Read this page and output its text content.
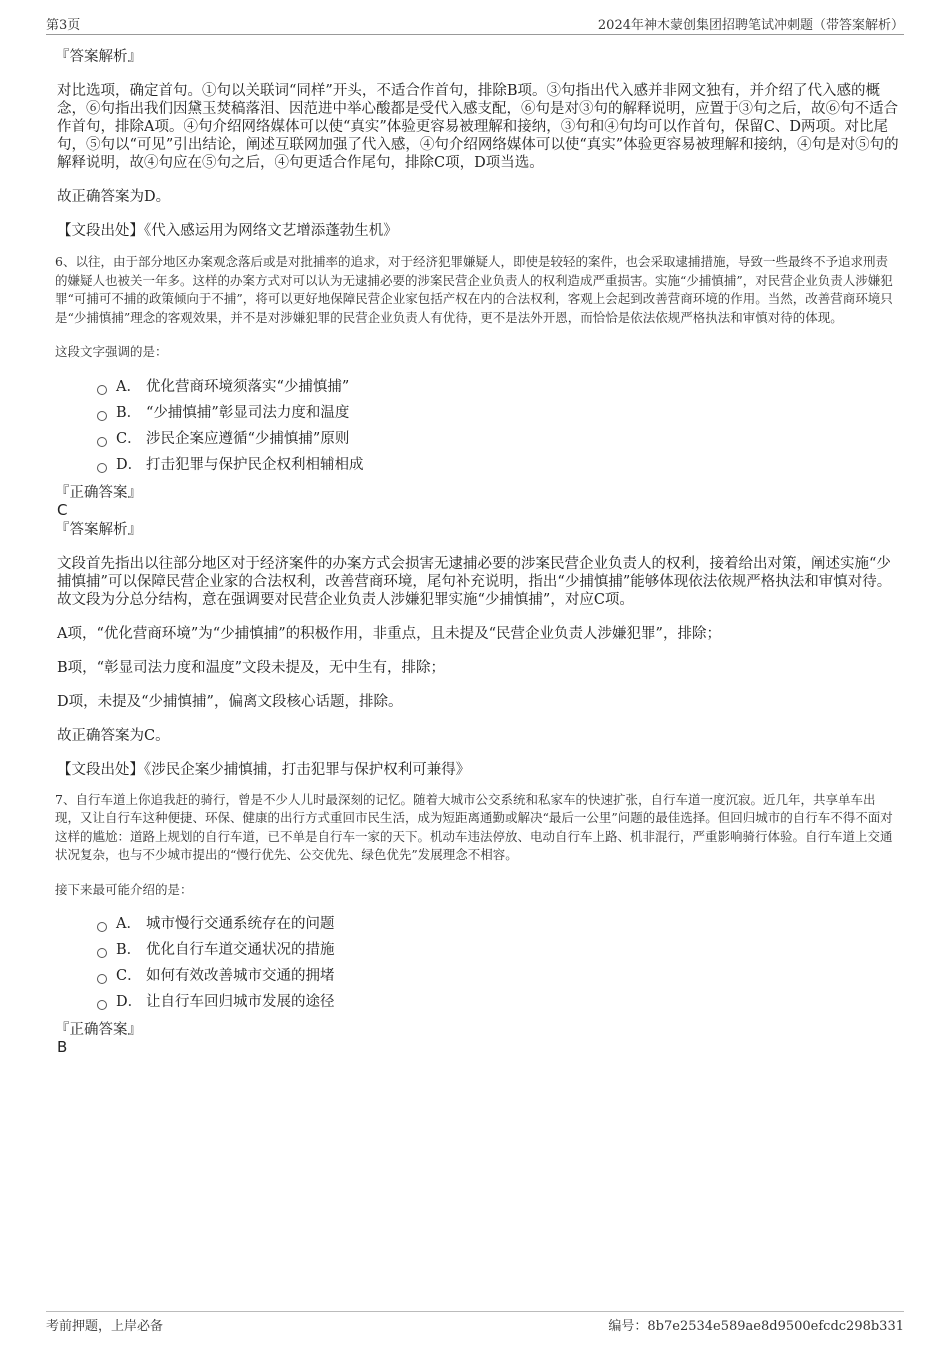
第3页	2024年神木蒙创集团招聘笔试冲刺题（带答案解析）
『答案解析』
对比选项，确定首句。①句以关联词“同样”开头，不适合作首句，排除B项。③句指出代入感并非网文独有，并介绍了代入感的概念，⑥句指出我们因黛玉焚稿落泪、因范进中举心酸都是受代入感支配，⑥句是对③句的解释说明，应置于③句之后，故⑥句不适合作首句，排除A项。④句介绍网络媒体可以使“真实”体验更容易被理解和接纳，③句和④句均可以作首句，保留C、D两项。对比尾句，⑤句以“可见”引出结论，阐述互联网加强了代入感，④句介绍网络媒体可以使“真实”体验更容易被理解和接纳，④句是对⑤句的解释说明，故④句应在⑤句之后，④句更适合作尾句，排除C项，D项当选。
故正确答案为D。
【文段出处】《代入感运用为网络文艺增添蓬勃生机》
6、以往，由于部分地区办案观念落后或是对批捕率的追求，对于经济犯罪嫌疑人，即使是较轻的案件，也会采取逮捕措施，导致一些最终不予追求刑责的嫌疑人也被关一年多。这样的办案方式对可以认为无逮捕必要的涉案民营企业负责人的权利造成严重损害。实施“少捕慎捕”，对民营企业负责人涉嫌犯罪“可捕可不捕的政策倾向于不捕”，将可以更好地保障民营企业家包括产权在内的合法权利，客观上会起到改善营商环境的作用。当然，改善营商环境只是“少捕慎捕”理念的客观效果，并不是对涉嫌犯罪的民营企业负责人有优待，更不是法外开恩，而恰恰是依法依规严格执法和审慎对待的体现。
这段文字强调的是：
A． 优化营商环境须落实“少捕慎捕”
B． “少捕慎捕”彰显司法力度和温度
C． 涉民企案应遵循“少捕慎捕”原则
D． 打击犯罪与保护民企权利相辅相成
『正确答案』
C
『答案解析』
文段首先指出以往部分地区对于经济案件的办案方式会损害无逮捕必要的涉案民营企业负责人的权利，接着给出对策，阐述实施“少捕慎捕”可以保障民营企业家的合法权利，改善营商环境，尾句补充说明，指出“少捕慎捕”能够体现依法依规严格执法和审慎对待。故文段为分总分结构，意在强调要对民营企业负责人涉嫌犯罪实施“少捕慎捕”，对应C项。
A项，“优化营商环境”为“少捕慎捕”的积极作用，非重点，且未提及“民营企业负责人涉嫌犯罪”，排除；
B项，“彰显司法力度和温度”文段未提及，无中生有，排除；
D项，未提及“少捕慎捕”，偏离文段核心话题，排除。
故正确答案为C。
【文段出处】《涉民企案少捕慎捕，打击犯罪与保护权利可兼得》
7、自行车道上你追我赶的骑行，曾是不少人儿时最深刻的记忆。随着大城市公交系统和私家车的快速扩张，自行车道一度沉寂。近几年，共享单车出现，又让自行车这种便捷、环保、健康的出行方式重回市民生活，成为短距离通勤或解决“最后一公里”问题的最佳选择。但回归城市的自行车不得不面对这样的尴尬：道路上规划的自行车道，已不单是自行车一家的天下。机动车违法停放、电动自行车上路、机非混行，严重影响骑行体验。自行车道上交通状况复杂，也与不少城市提出的“慢行优先、公交优先、绿色优先”发展理念不相容。
接下来最可能介绍的是：
A． 城市慢行交通系统存在的问题
B． 优化自行车道交通状况的措施
C． 如何有效改善城市交通的拥堵
D． 让自行车回归城市发展的途径
『正确答案』
B
考前押题，上岸必备	编号：8b7e2534e589ae8d9500efcdc298b331
